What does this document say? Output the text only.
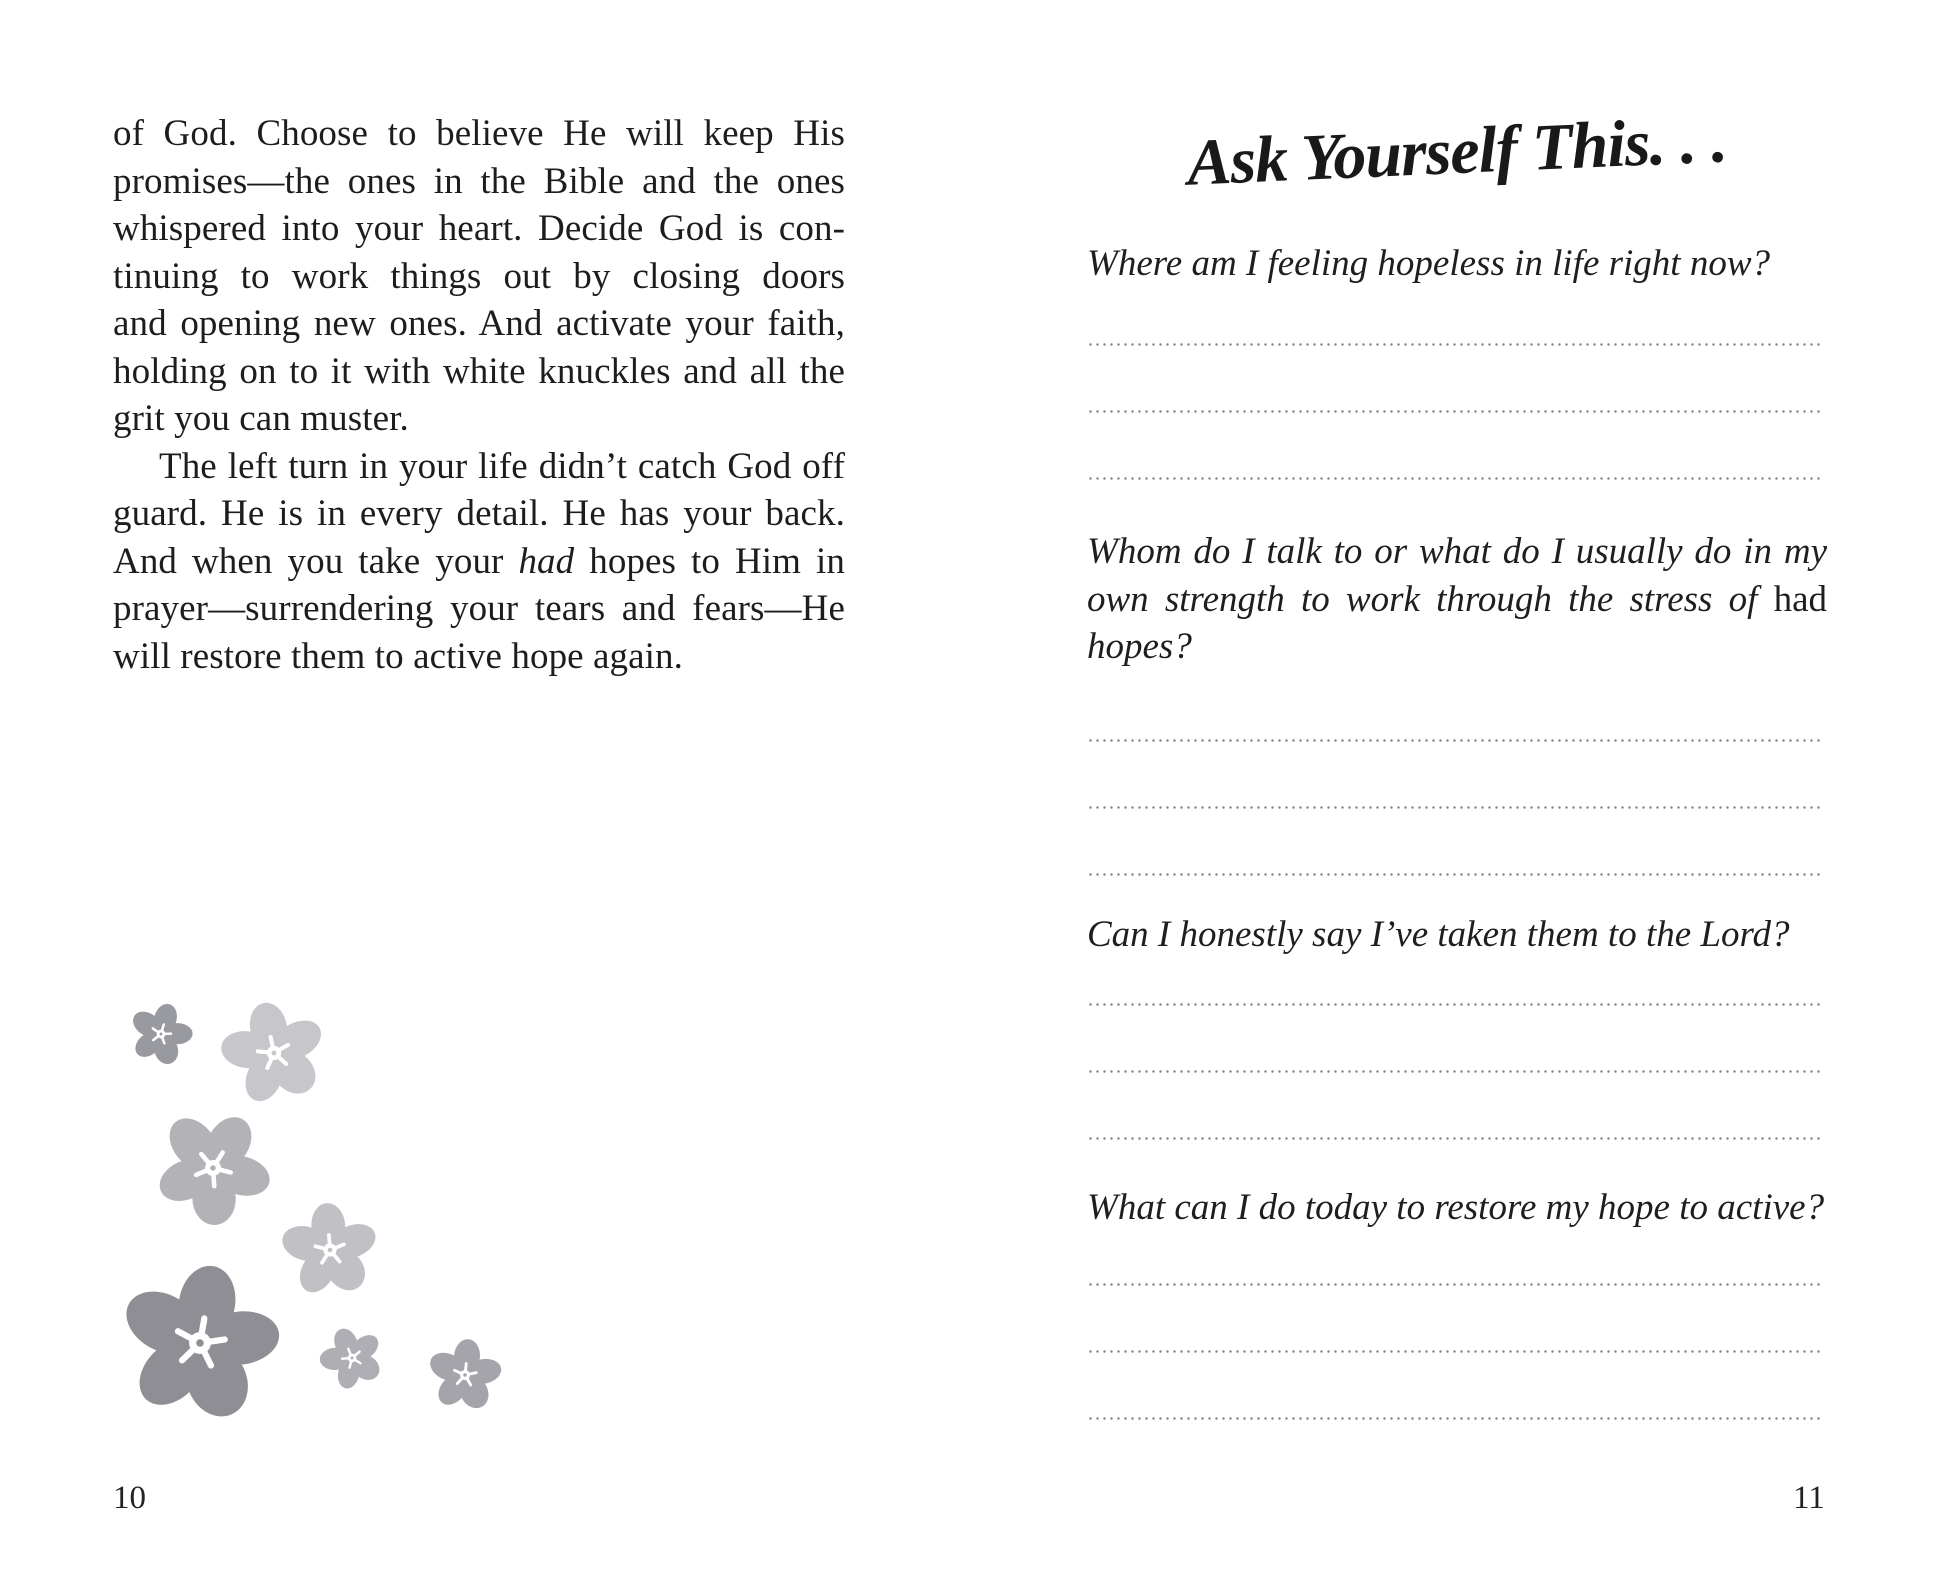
of God. Choose to believe He will keep His
promises—the ones in the Bible and the ones
whispered into your heart. Decide God is con-
tinuing to work things out by closing doors
and opening new ones. And activate your faith,
holding on to it with white knuckles and all the
grit you can muster.
The left turn in your life didn’t catch God off
guard. He is in every detail. He has your back.
And when you take your had hopes to Him in
prayer—surrendering your tears and fears—He
will restore them to active hope again.
10
Ask Yourself This. . .
Where am I feeling hopeless in life right now?
Whom do I talk to or what do I usually do in my
own strength to work through the stress of had
hopes?
Can I honestly say I’ve taken them to the Lord?
What can I do today to restore my hope to active?
11
